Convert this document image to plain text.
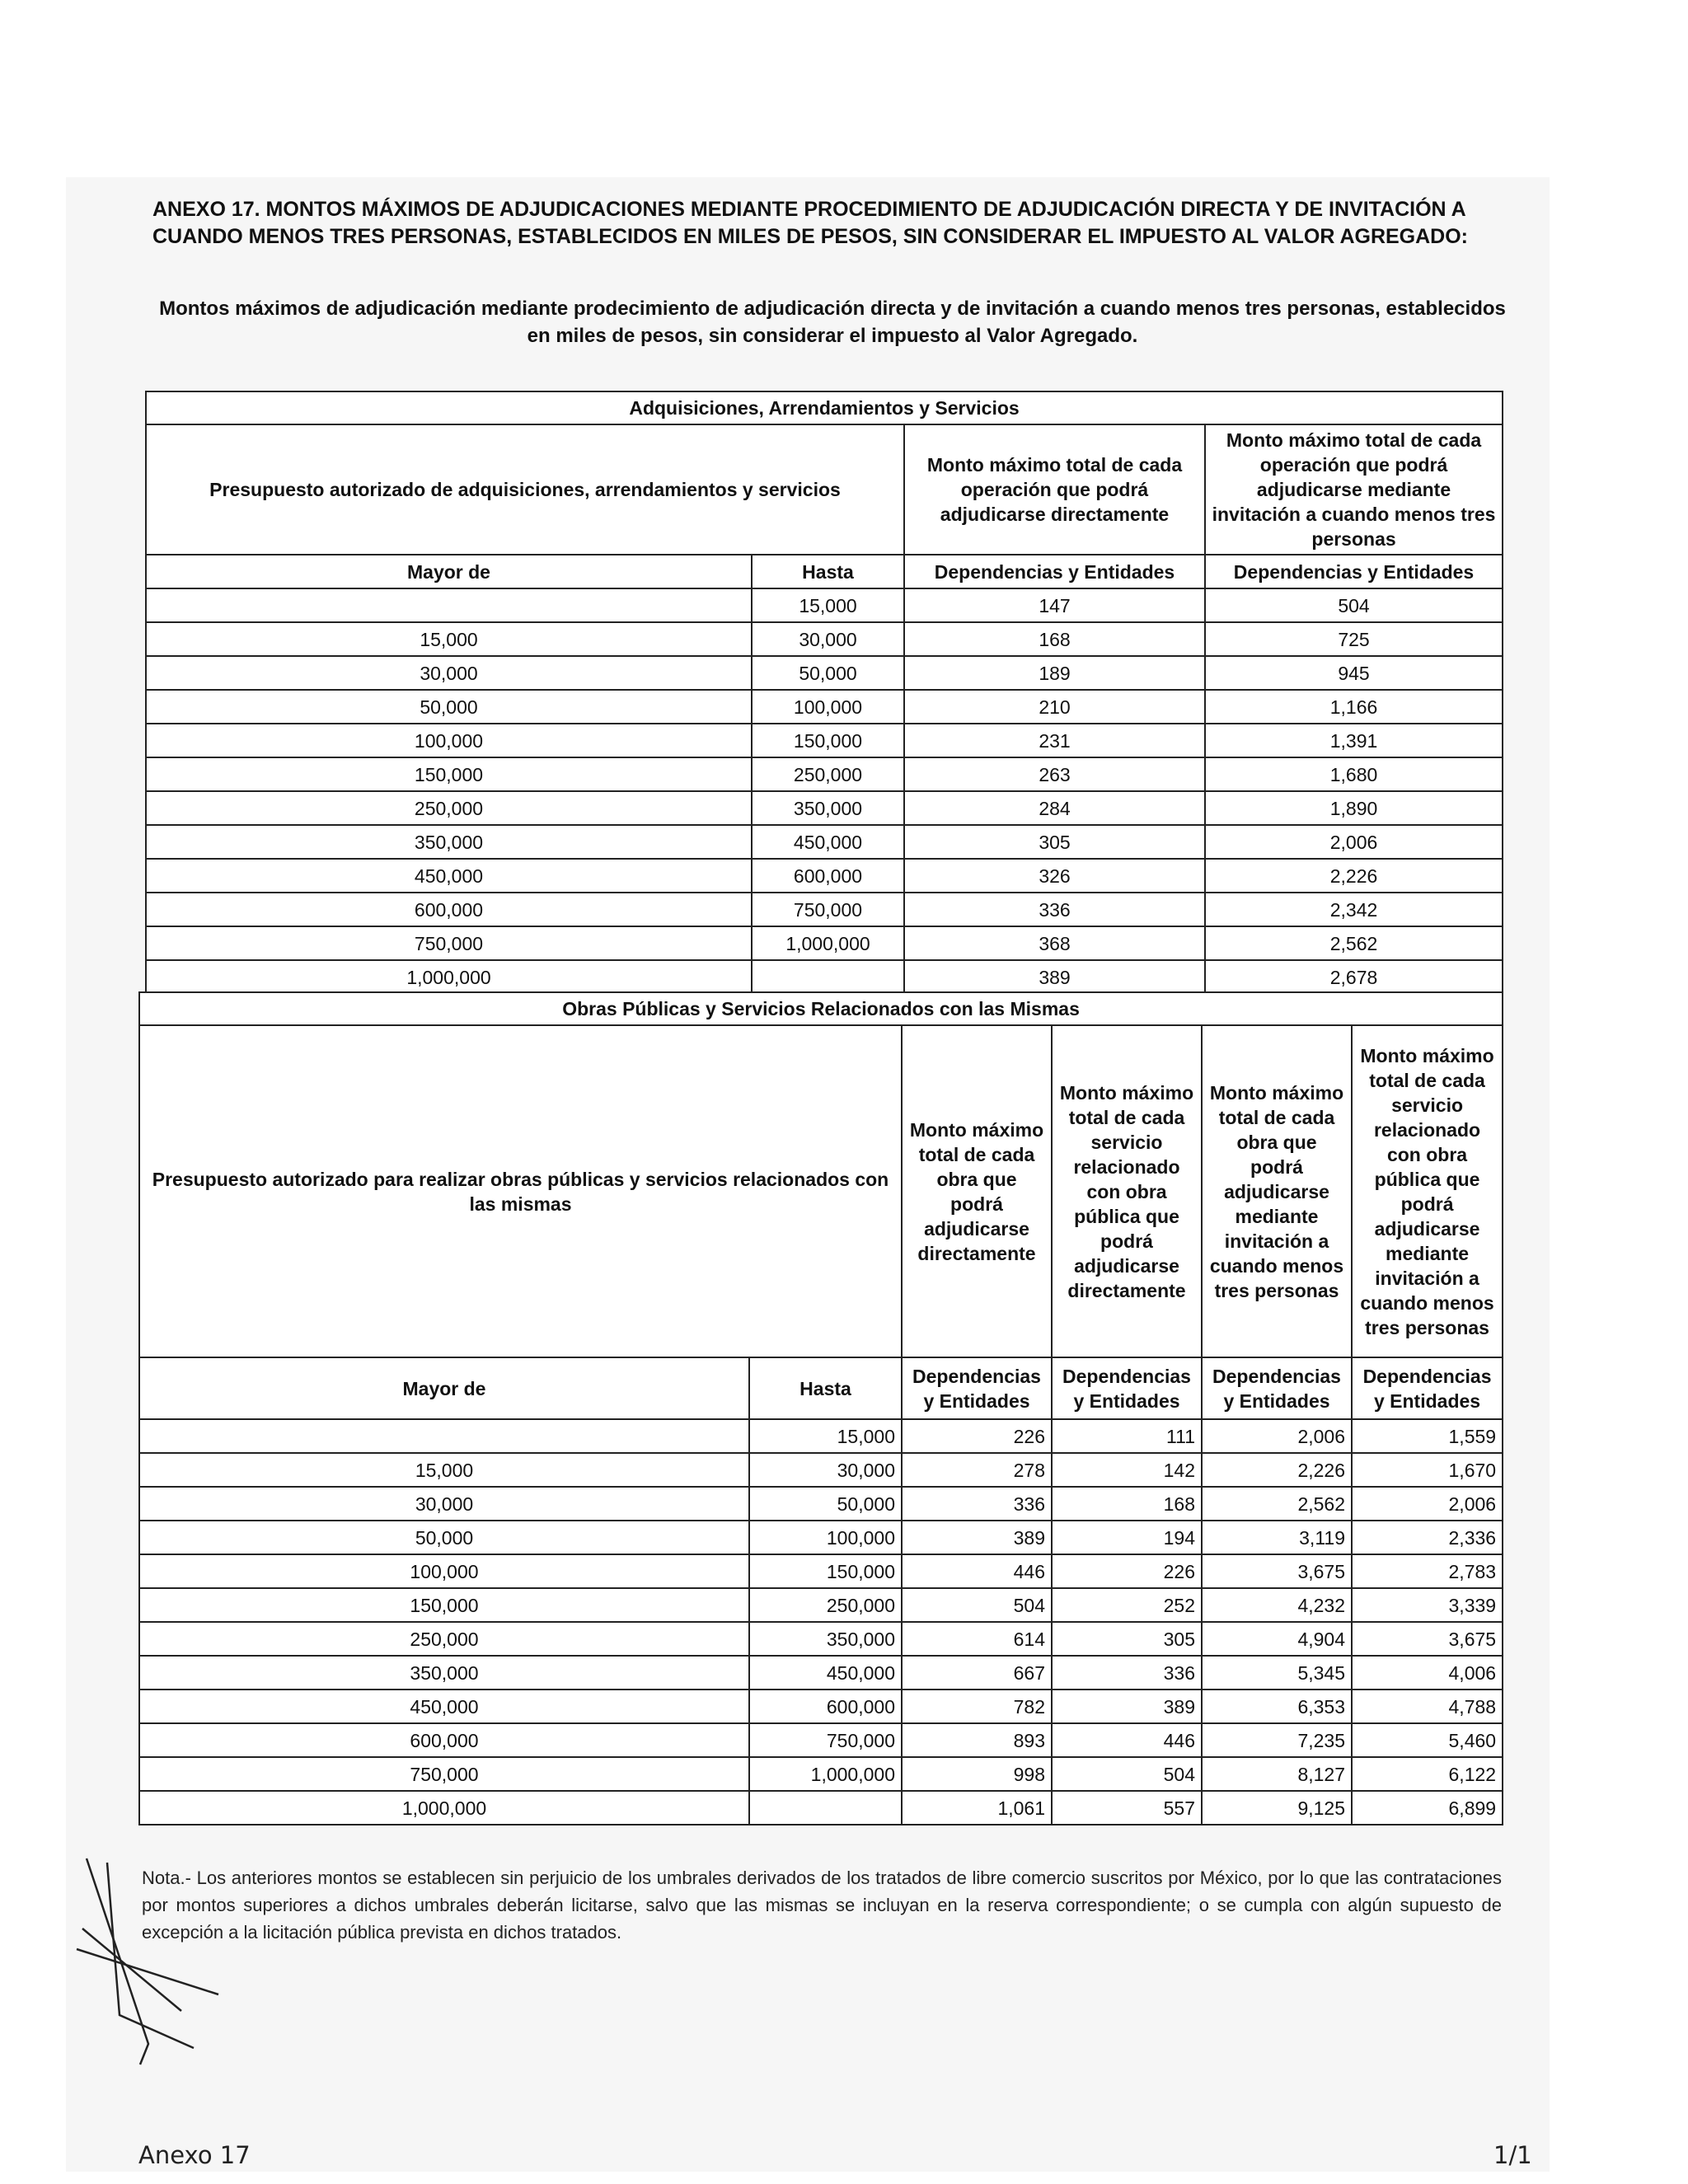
ANEXO 17. MONTOS MÁXIMOS DE ADJUDICACIONES MEDIANTE PROCEDIMIENTO DE ADJUDICACIÓN DIRECTA Y DE INVITACIÓN A CUANDO MENOS TRES PERSONAS, ESTABLECIDOS EN MILES DE PESOS, SIN CONSIDERAR EL IMPUESTO AL VALOR AGREGADO:
Montos máximos de adjudicación mediante prodecimiento de adjudicación directa y de invitación a cuando menos tres personas, establecidos en miles de pesos, sin considerar el impuesto al Valor Agregado.
Adquisiciones, Arrendamientos y Servicios			
Presupuesto autorizado de adquisiciones, arrendamientos y servicios		Monto máximo total de cada operación que podrá adjudicarse directamente	Monto máximo total de cada operación que podrá adjudicarse mediante invitación a cuando menos tres personas
Mayor de	Hasta	Dependencias y Entidades	Dependencias y Entidades
	15,000	147	504
15,000	30,000	168	725
30,000	50,000	189	945
50,000	100,000	210	1,166
100,000	150,000	231	1,391
150,000	250,000	263	1,680
250,000	350,000	284	1,890
350,000	450,000	305	2,006
450,000	600,000	326	2,226
600,000	750,000	336	2,342
750,000	1,000,000	368	2,562
1,000,000		389	2,678
Obras Públicas y Servicios Relacionados con las Mismas					
Presupuesto autorizado para realizar obras públicas y servicios relacionados con las mismas		Monto máximo total de cada obra que podrá adjudicarse directamente	Monto máximo total de cada servicio relacionado con obra pública que podrá adjudicarse directamente	Monto máximo total de cada obra que podrá adjudicarse mediante invitación a cuando menos tres personas	Monto máximo total de cada servicio relacionado con obra pública que podrá adjudicarse mediante invitación a cuando menos tres personas
Mayor de	Hasta	Dependencias y Entidades	Dependencias y Entidades	Dependencias y Entidades	Dependencias y Entidades
	15,000	226	111	2,006	1,559
15,000	30,000	278	142	2,226	1,670
30,000	50,000	336	168	2,562	2,006
50,000	100,000	389	194	3,119	2,336
100,000	150,000	446	226	3,675	2,783
150,000	250,000	504	252	4,232	3,339
250,000	350,000	614	305	4,904	3,675
350,000	450,000	667	336	5,345	4,006
450,000	600,000	782	389	6,353	4,788
600,000	750,000	893	446	7,235	5,460
750,000	1,000,000	998	504	8,127	6,122
1,000,000		1,061	557	9,125	6,899
Nota.- Los anteriores montos se establecen sin perjuicio de los umbrales derivados de los tratados de libre comercio suscritos por México, por lo que las contrataciones por montos superiores a dichos umbrales deberán licitarse, salvo que las mismas se incluyan en la reserva correspondiente; o se cumpla con algún supuesto de excepción a la licitación pública prevista en dichos tratados.
Anexo 17	1/1
